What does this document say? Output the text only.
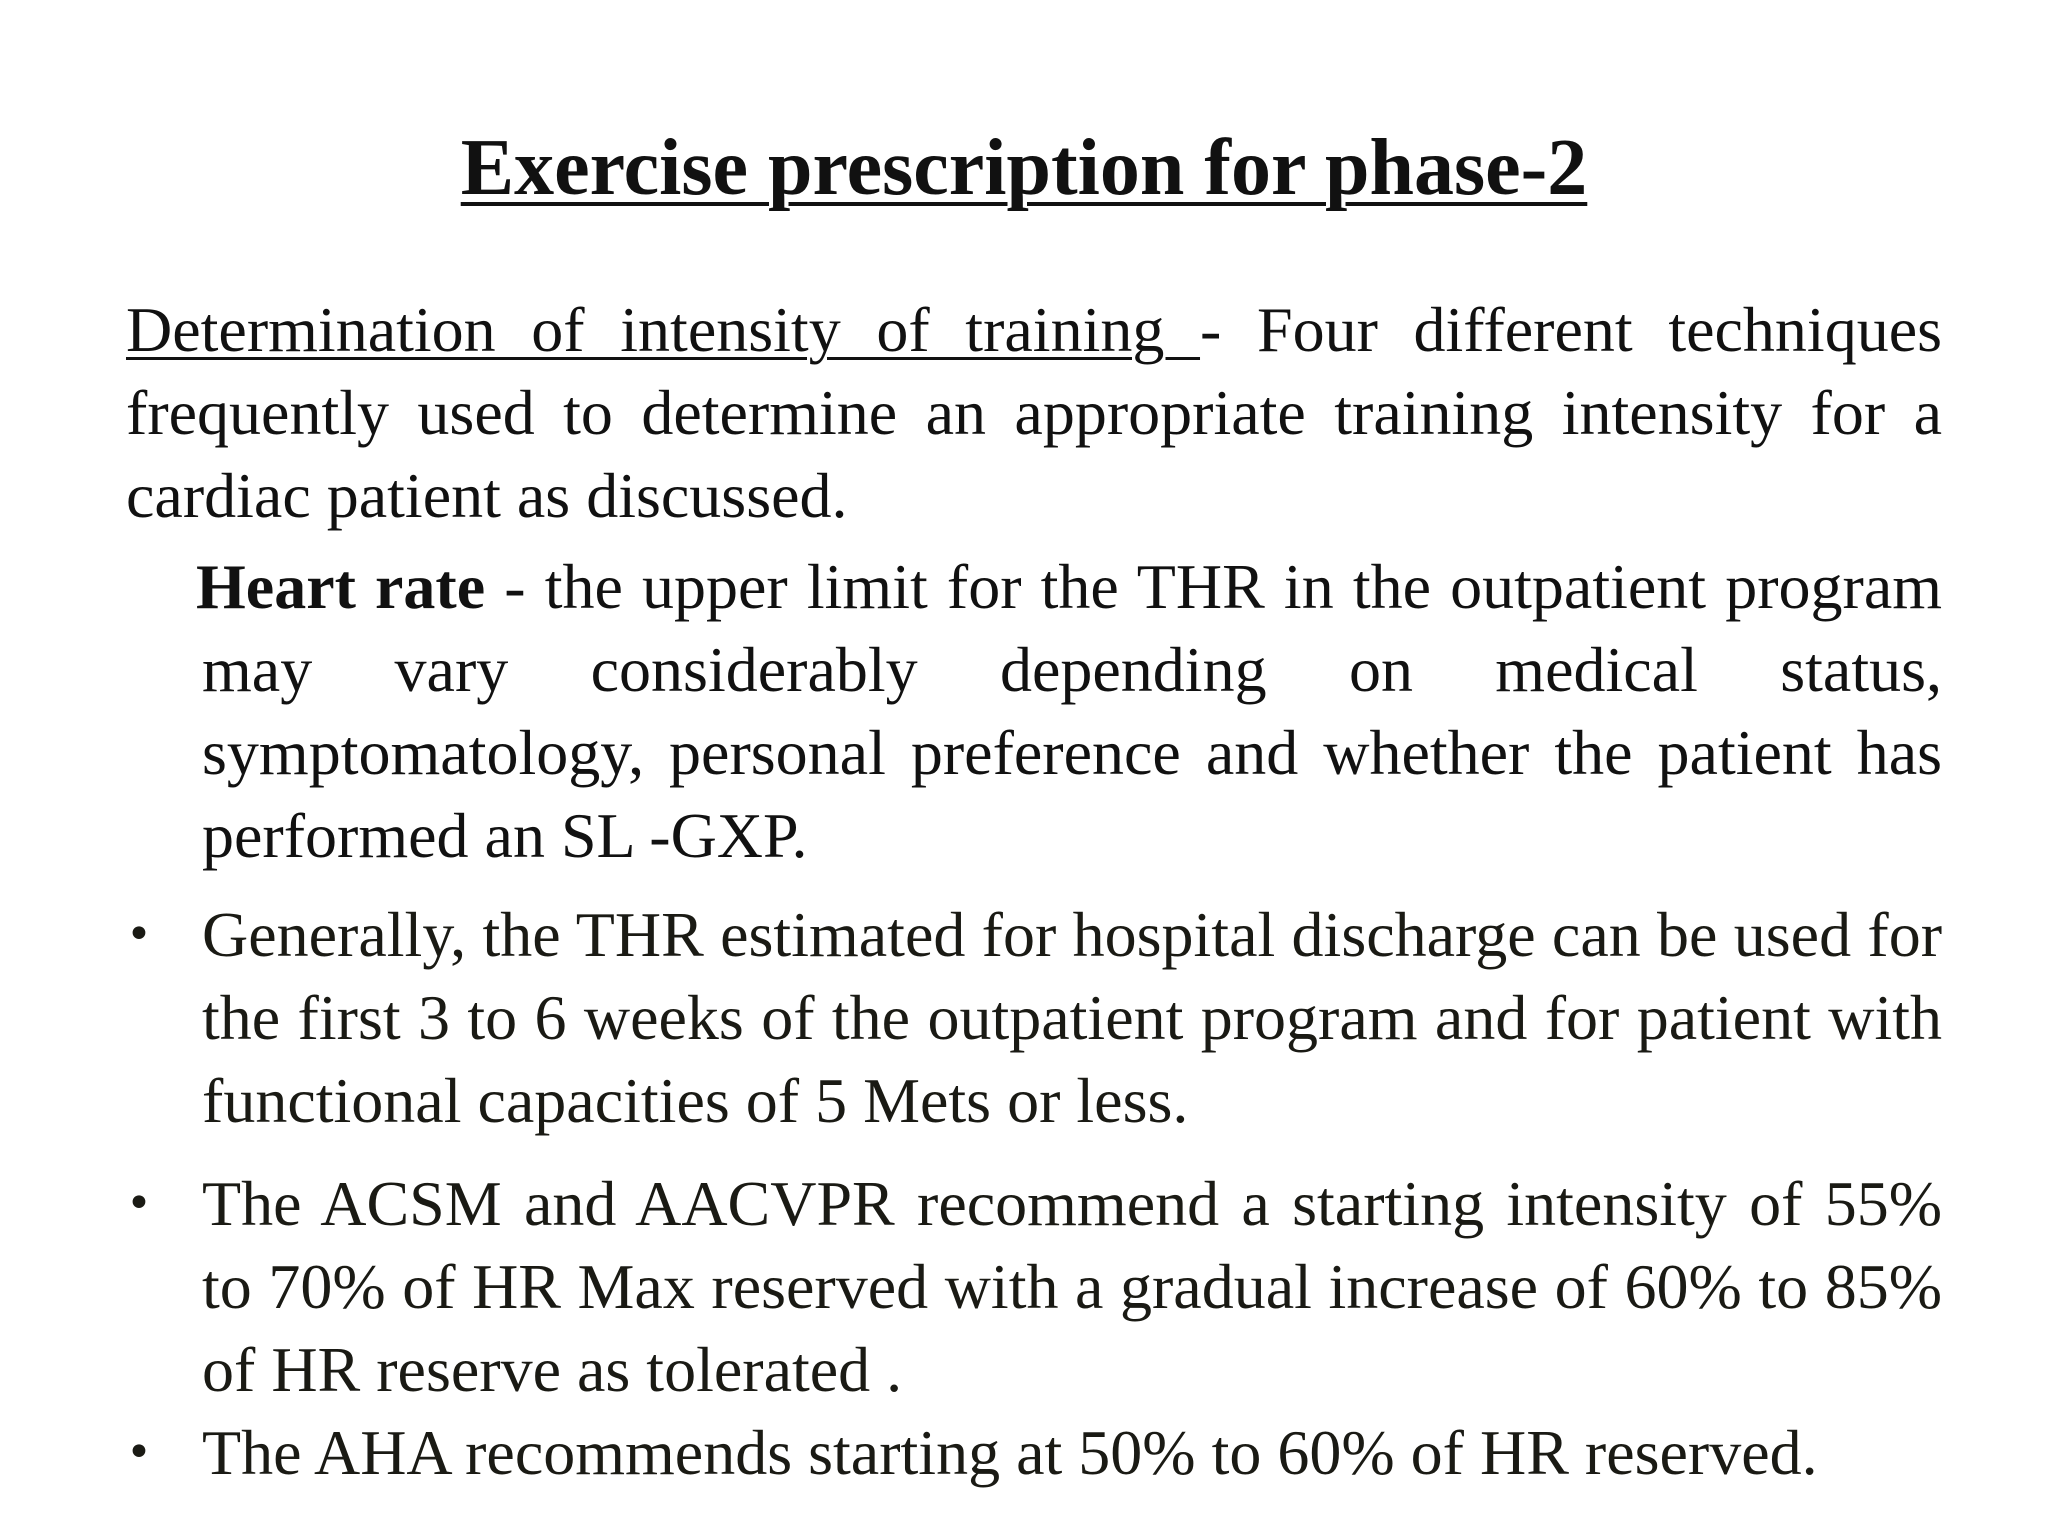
Exercise prescription for phase-2

Determination of intensity of training - Four different techniques frequently used to determine an appropriate training intensity for a cardiac patient as discussed.

Heart rate - the upper limit for the THR in the outpatient program may vary considerably depending on medical status, symptomatology, personal preference and whether the patient has performed an SL -GXP.

• Generally, the THR estimated for hospital discharge can be used for the first 3 to 6 weeks of the outpatient program and for patient with functional capacities of 5 Mets or less.
• The ACSM and AACVPR recommend a starting intensity of 55% to 70% of HR Max reserved with a gradual increase of 60% to 85% of HR reserve as tolerated .
• The AHA recommends starting at 50% to 60% of HR reserved.
